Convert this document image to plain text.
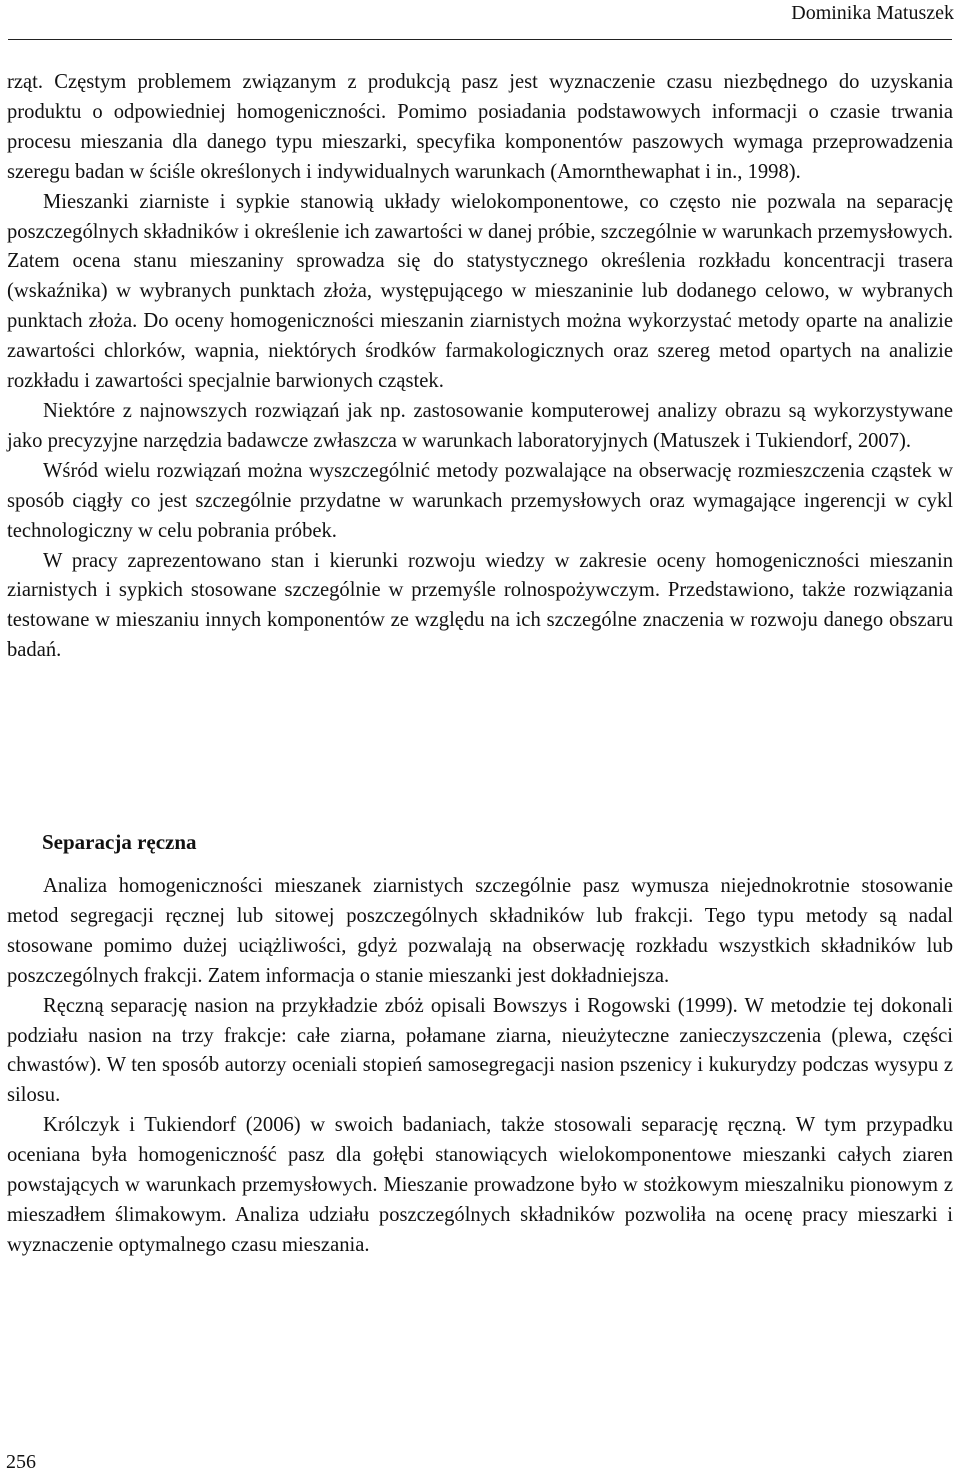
Dominika Matuszek

rząt. Częstym problemem związanym z produkcją pasz jest wyznaczenie czasu niezbędnego do uzyskania produktu o odpowiedniej homogeniczności. Pomimo posiadania podstawowych informacji o czasie trwania procesu mieszania dla danego typu mieszarki, specyfika komponentów paszowych wymaga przeprowadzenia szeregu badan w ściśle określonych i indywidualnych warunkach (Amornthewaphat i in., 1998).

Mieszanki ziarniste i sypkie stanowią układy wielokomponentowe, co często nie pozwala na separację poszczególnych składników i określenie ich zawartości w danej próbie, szczególnie w warunkach przemysłowych. Zatem ocena stanu mieszaniny sprowadza się do statystycznego określenia rozkładu koncentracji trasera (wskaźnika) w wybranych punktach złoża, występującego w mieszaninie lub dodanego celowo, w wybranych punktach złoża. Do oceny homogeniczności mieszanin ziarnistych można wykorzystać metody oparte na analizie zawartości chlorków, wapnia, niektórych środków farmakologicznych oraz szereg metod opartych na analizie rozkładu i zawartości specjalnie barwionych cząstek.

Niektóre z najnowszych rozwiązań jak np. zastosowanie komputerowej analizy obrazu są wykorzystywane jako precyzyjne narzędzia badawcze zwłaszcza w warunkach laboratoryjnych (Matuszek i Tukiendorf, 2007).

Wśród wielu rozwiązań można wyszczególnić metody pozwalające na obserwację rozmieszczenia cząstek w sposób ciągły co jest szczególnie przydatne w warunkach przemysłowych oraz wymagające ingerencji w cykl technologiczny w celu pobrania próbek.

W pracy zaprezentowano stan i kierunki rozwoju wiedzy w zakresie oceny homogeniczności mieszanin ziarnistych i sypkich stosowane szczególnie w przemyśle rolnospożywczym. Przedstawiono, także rozwiązania testowane w mieszaniu innych komponentów ze względu na ich szczególne znaczenia w rozwoju danego obszaru badań.

Separacja ręczna

Analiza homogeniczności mieszanek ziarnistych szczególnie pasz wymusza niejednokrotnie stosowanie metod segregacji ręcznej lub sitowej poszczególnych składników lub frakcji. Tego typu metody są nadal stosowane pomimo dużej uciążliwości, gdyż pozwalają na obserwację rozkładu wszystkich składników lub poszczególnych frakcji. Zatem informacja o stanie mieszanki jest dokładniejsza.

Ręczną separację nasion na przykładzie zbóż opisali Bowszys i Rogowski (1999). W metodzie tej dokonali podziału nasion na trzy frakcje: całe ziarna, połamane ziarna, nieużyteczne zanieczyszczenia (plewa, części chwastów). W ten sposób autorzy oceniali stopień samosegregacji nasion pszenicy i kukurydzy podczas wysypu z silosu.

Królczyk i Tukiendorf (2006) w swoich badaniach, także stosowali separację ręczną. W tym przypadku oceniana była homogeniczność pasz dla gołębi stanowiących wielokomponentowe mieszanki całych ziaren powstających w warunkach przemysłowych. Mieszanie prowadzone było w stożkowym mieszalniku pionowym z mieszadłem ślimakowym. Analiza udziału poszczególnych składników pozwoliła na ocenę pracy mieszarki i wyznaczenie optymalnego czasu mieszania.

256
